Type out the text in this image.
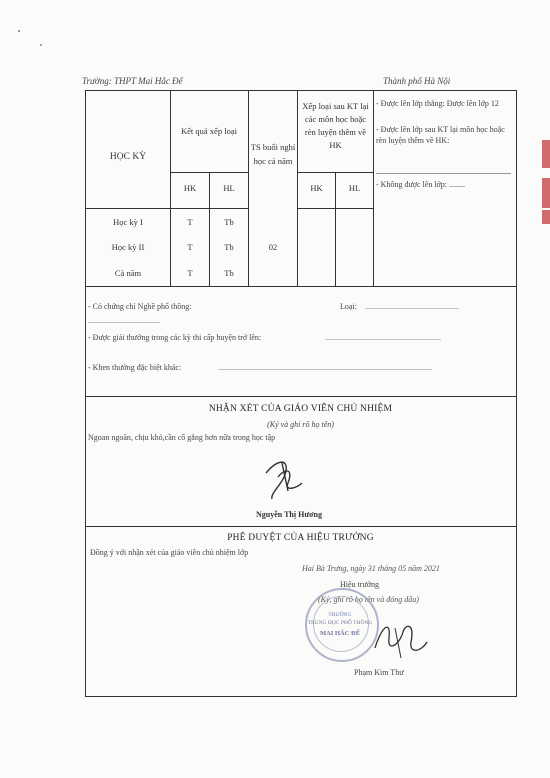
Trường: THPT Mai Hắc Đế	Thành phố Hà Nội
HỌC KỲ
Kết quả xếp loại
TS buổi nghỉ học cả năm
Xếp loại sau KT lại các môn học hoặc rèn luyện thêm về HK
HK	HL	HK	HL
- Được lên lớp thẳng: Được lên lớp 12
- Được lên lớp sau KT lại môn học hoặc rèn luyện thêm về HK:
- Không được lên lớp: ........
Học kỳ I	T	Tb
Học kỳ II	T	Tb
Cả năm	T	Tb
02
- Có chứng chỉ Nghề phổ thông:	Loại: ...............................................
....................................
- Được giải thưởng trong các kỳ thi cấp huyện trở lên:	..........................................................
- Khen thưởng đặc biệt khác:	...........................................................................................................
NHẬN XÉT CỦA GIÁO VIÊN CHỦ NHIỆM
(Ký và ghi rõ họ tên)
Ngoan ngoãn, chịu khó,cần cố gắng hơn nữa trong học tập
Nguyễn Thị Hương
PHÊ DUYỆT CỦA HIỆU TRƯỞNG
Đồng ý với nhận xét của giáo viên chủ nhiệm lớp
Hai Bà Trưng, ngày 31 tháng 05 năm 2021
Hiệu trưởng
(Ký, ghi rõ họ tên và đóng dấu)
TRƯỜNG
TRUNG HỌC PHỔ THÔNG
MAI HẮC ĐẾ
Phạm Kim Thư
